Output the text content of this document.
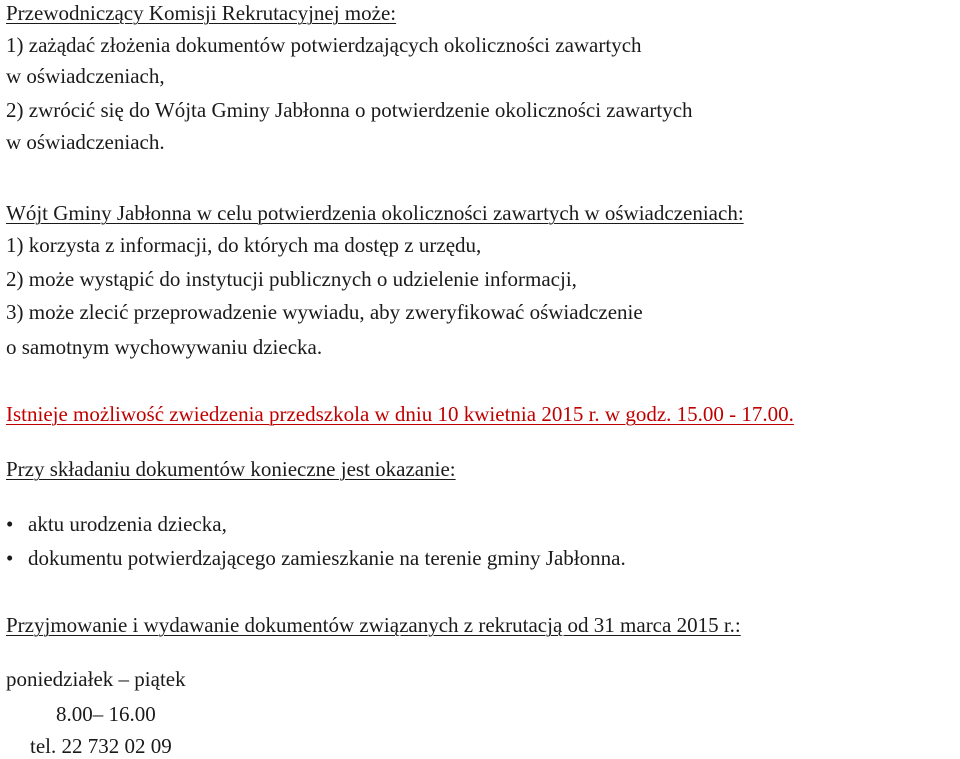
Przewodniczący Komisji Rekrutacyjnej może:
1) zażądać złożenia dokumentów potwierdzających okoliczności zawartych
w oświadczeniach,
2) zwrócić się do Wójta Gminy Jabłonna o potwierdzenie okoliczności zawartych
w oświadczeniach.
Wójt Gminy Jabłonna w celu potwierdzenia okoliczności zawartych w oświadczeniach:
1) korzysta z informacji, do których ma dostęp z urzędu,
2) może wystąpić do instytucji publicznych o udzielenie informacji,
3) może zlecić przeprowadzenie wywiadu, aby zweryfikować oświadczenie
o samotnym wychowywaniu dziecka.
Istnieje możliwość zwiedzenia przedszkola w dniu 10 kwietnia 2015 r. w godz. 15.00 - 17.00.
Przy składaniu dokumentów konieczne jest okazanie:
• aktu urodzenia dziecka,
• dokumentu potwierdzającego zamieszkanie na terenie gminy Jabłonna.
Przyjmowanie i wydawanie dokumentów związanych z rekrutacją od 31 marca 2015 r.:
poniedziałek – piątek
8.00– 16.00
tel. 22 732 02 09
